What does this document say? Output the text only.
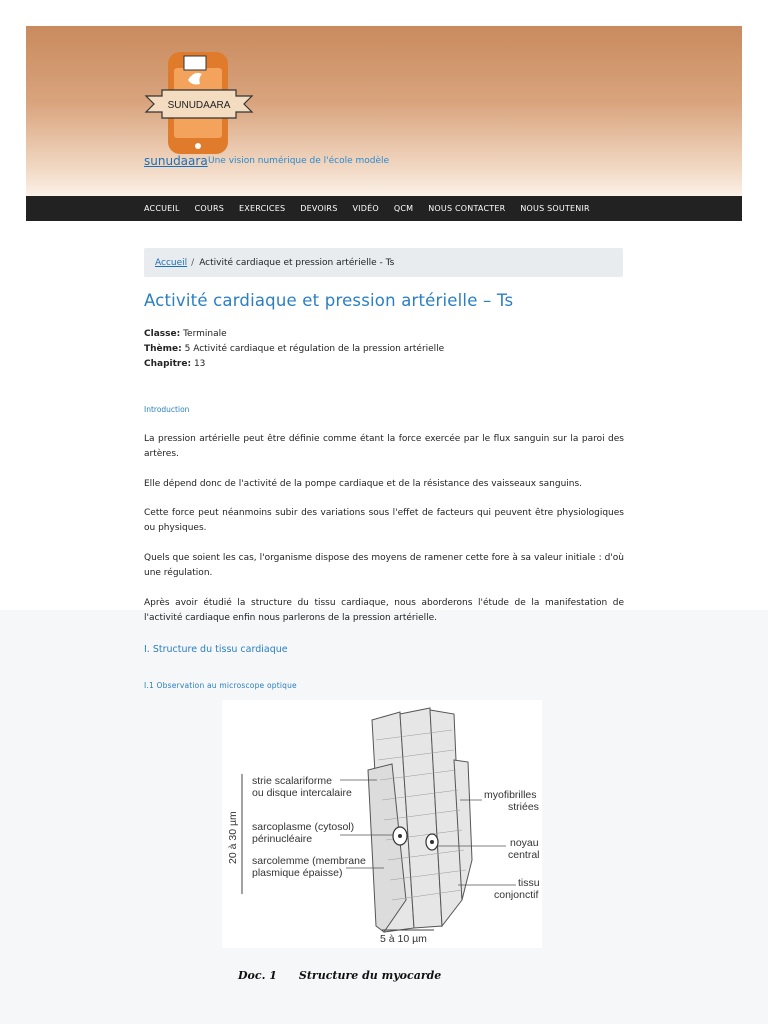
SUNUDAARA
sunudaara Une vision numérique de l'école modèle
ACCUEIL COURS EXERCICES DEVOIRS VIDÉO QCM NOUS CONTACTER NOUS SOUTENIR
Accueil / Activité cardiaque et pression artérielle - Ts
Activité cardiaque et pression artérielle – Ts
Classe: Terminale
Thème: 5 Activité cardiaque et régulation de la pression artérielle
Chapitre: 13
Introduction
La pression artérielle peut être définie comme étant la force exercée par le flux sanguin sur la paroi des artères.
Elle dépend donc de l'activité de la pompe cardiaque et de la résistance des vaisseaux sanguins.
Cette force peut néanmoins subir des variations sous l'effet de facteurs qui peuvent être physiologiques ou physiques.
Quels que soient les cas, l'organisme dispose des moyens de ramener cette fore à sa valeur initiale : d'où une régulation.
Après avoir étudié la structure du tissu cardiaque, nous aborderons l'étude de la manifestation de l'activité cardiaque enfin nous parlerons de la pression artérielle.
I. Structure du tissu cardiaque
I.1 Observation au microscope optique
20 à 30 µm
5 à 10 µm
strie scalariforme
ou disque intercalaire
sarcoplasme (cytosol)
périnucléaire
sarcolemme (membrane
plasmique épaisse)
myofibrilles
striées
noyau
central
tissu
conjonctif
Doc. 1 Structure du myocarde
